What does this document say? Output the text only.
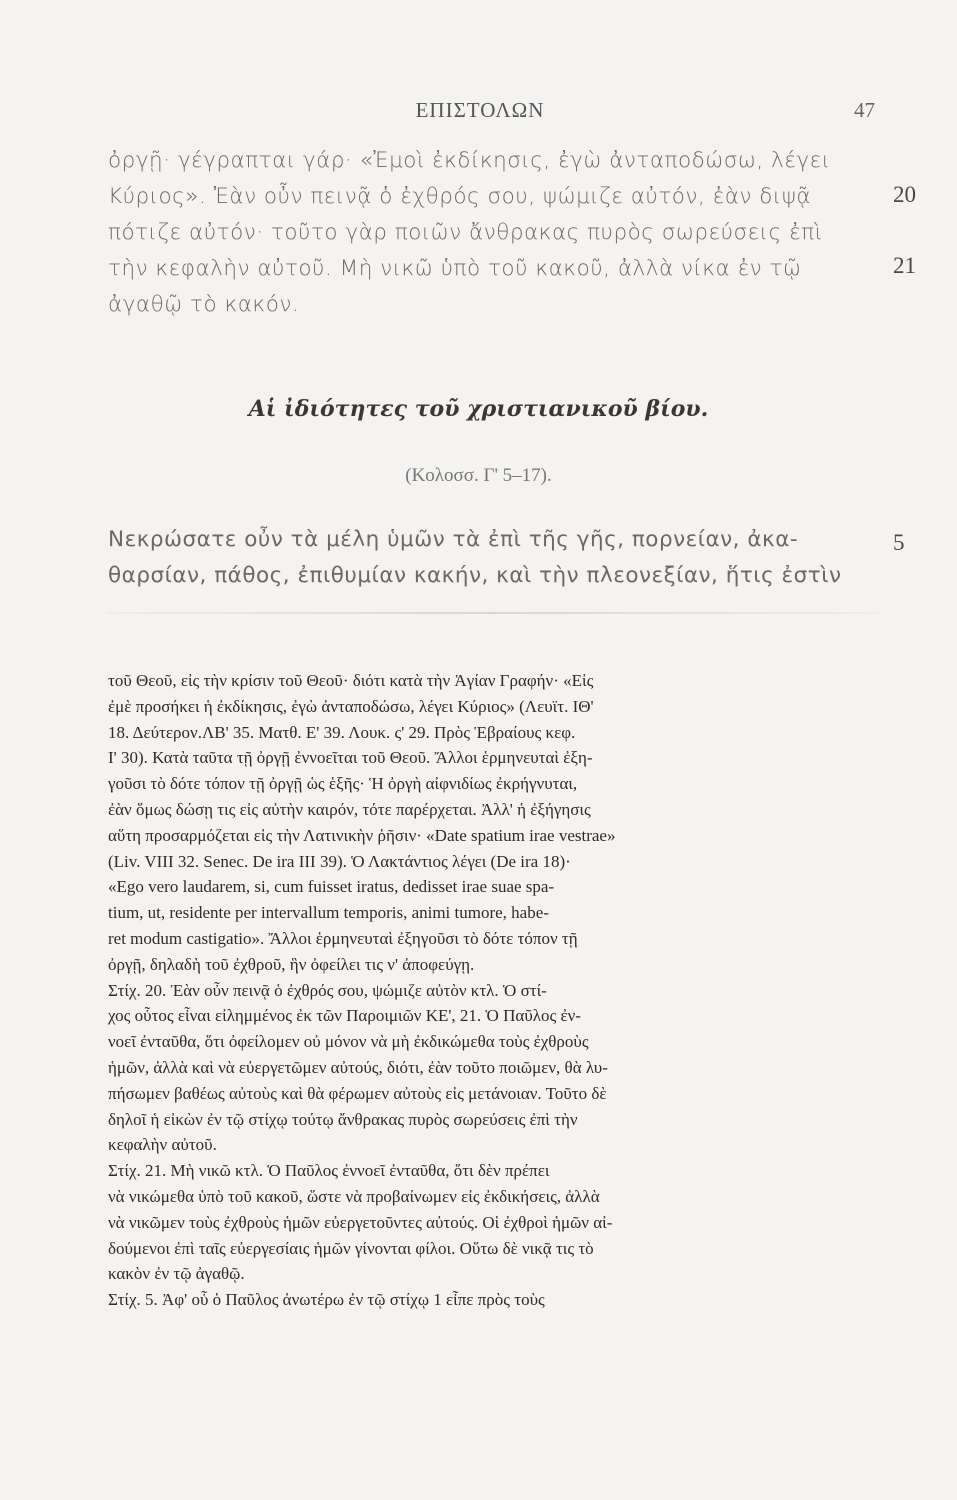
ΕΠΙΣΤΟΛΩΝ	47
ὀργῇ· γέγραπται γάρ· «Ἐμοὶ ἐκδίκησις, ἐγὼ ἀνταποδώσω, λέγει
Κύριος». Ἐὰν οὖν πεινᾷ ὁ ἐχθρός σου, ψώμιζε αὐτόν, ἐὰν διψᾷ
πότιζε αὐτόν· τοῦτο γὰρ ποιῶν ἄνθρακας πυρὸς σωρεύσεις ἐπὶ
τὴν κεφαλὴν αὐτοῦ. Μὴ νικῶ ὑπὸ τοῦ κακοῦ, ἀλλὰ νίκα ἐν τῷ
ἀγαθῷ τὸ κακόν.
20
21
Αἱ ἰδιότητες τοῦ χριστιανικοῦ βίου.
(Κολοσσ. Γ' 5–17).
Νεκρώσατε οὖν τὰ μέλη ὑμῶν τὰ ἐπὶ τῆς γῆς, πορνείαν, ἀκα-
θαρσίαν, πάθος, ἐπιθυμίαν κακήν, καὶ τὴν πλεονεξίαν, ἥτις ἐστὶν
5
τοῦ Θεοῦ, εἰς τὴν κρίσιν τοῦ Θεοῦ· διότι κατὰ τὴν Ἁγίαν Γραφήν· «Εἰς
ἐμὲ προσήκει ἡ ἐκδίκησις, ἐγὼ ἀνταποδώσω, λέγει Κύριος» (Λευϊτ. ΙΘ'
18. Δεύτερον.ΛΒ' 35. Ματθ. Ε' 39. Λουκ. ς' 29. Πρὸς Ἑβραίους κεφ.
Ι' 30). Κατὰ ταῦτα τῇ ὀργῇ ἐννοεῖται τοῦ Θεοῦ. Ἄλλοι ἑρμηνευταὶ ἐξη-
γοῦσι τὸ δότε τόπον τῇ ὀργῇ ὡς ἑξῆς· Ἡ ὀργὴ αἰφνιδίως ἐκρήγνυται,
ἐὰν ὅμως δώσῃ τις εἰς αὐτὴν καιρόν, τότε παρέρχεται. Ἀλλ' ἡ ἐξήγησις
αὕτη προσαρμόζεται εἰς τὴν Λατινικὴν ῥῆσιν· «Date spatium irae vestrae»
(Liv. VIII 32. Senec. De ira III 39). Ὁ Λακτάντιος λέγει (De ira 18)·
«Ego vero laudarem, si, cum fuisset iratus, dedisset irae suae spa-
tium, ut, residente per intervallum temporis, animi tumore, habe-
ret modum castigatio». Ἄλλοι ἑρμηνευταὶ ἐξηγοῦσι τὸ δότε τόπον τῇ
ὀργῇ, δηλαδὴ τοῦ ἐχθροῦ, ἣν ὀφείλει τις ν' ἀποφεύγῃ.
Στίχ. 20. Ἐὰν οὖν πεινᾷ ὁ ἐχθρός σου, ψώμιζε αὐτὸν κτλ. Ὁ στί-
χος οὗτος εἶναι εἰλημμένος ἐκ τῶν Παροιμιῶν ΚΕ', 21. Ὁ Παῦλος ἐν-
νοεῖ ἐνταῦθα, ὅτι ὀφείλομεν οὐ μόνον νὰ μὴ ἐκδικώμεθα τοὺς ἐχθροὺς
ἡμῶν, ἀλλὰ καὶ νὰ εὐεργετῶμεν αὐτούς, διότι, ἐὰν τοῦτο ποιῶμεν, θὰ λυ-
πήσωμεν βαθέως αὐτοὺς καὶ θὰ φέρωμεν αὐτοὺς εἰς μετάνοιαν. Τοῦτο δὲ
δηλοῖ ἡ εἰκὼν ἐν τῷ στίχῳ τούτῳ ἄνθρακας πυρὸς σωρεύσεις ἐπὶ τὴν
κεφαλὴν αὐτοῦ.
Στίχ. 21. Μὴ νικῶ κτλ. Ὁ Παῦλος ἐννοεῖ ἐνταῦθα, ὅτι δὲν πρέπει
νὰ νικώμεθα ὑπὸ τοῦ κακοῦ, ὥστε νὰ προβαίνωμεν εἰς ἐκδικήσεις, ἀλλὰ
νὰ νικῶμεν τοὺς ἐχθροὺς ἡμῶν εὐεργετοῦντες αὐτούς. Οἱ ἐχθροὶ ἡμῶν αἰ-
δούμενοι ἐπὶ ταῖς εὐεργεσίαις ἡμῶν γίνονται φίλοι. Οὕτω δὲ νικᾷ τις τὸ
κακὸν ἐν τῷ ἀγαθῷ.
Στίχ. 5. Ἀφ' οὗ ὁ Παῦλος ἀνωτέρω ἐν τῷ στίχῳ 1 εἶπε πρὸς τοὺς
